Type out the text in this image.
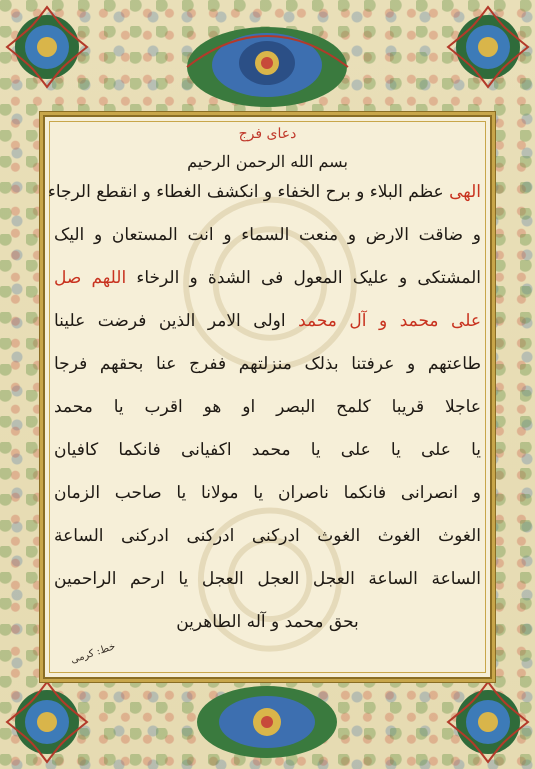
دعای فرج
بسم الله الرحمن الرحیم
الهی عظم البلاء و برح الخفاء و انکشف الغطاء و انقطع الرجاء
و ضاقت الارض و منعت السماء و انت المستعان و الیک
المشتکی و علیک المعول فی الشدة و الرخاء اللهم صل
علی محمد و آل محمد اولی الامر الذین فرضت علینا
طاعتهم و عرفتنا بذلک منزلتهم ففرج عنا بحقهم فرجا
عاجلا قریبا کلمح البصر او هو اقرب یا محمد
یا علی یا علی یا محمد اکفیانی فانکما کافیان
و انصرانی فانکما ناصران یا مولانا یا صاحب الزمان
الغوث الغوث الغوث ادرکنی ادرکنی ادرکنی الساعة
الساعة الساعة العجل العجل العجل یا ارحم الراحمین
بحق محمد و آله الطاهرین
خط: کرمی
